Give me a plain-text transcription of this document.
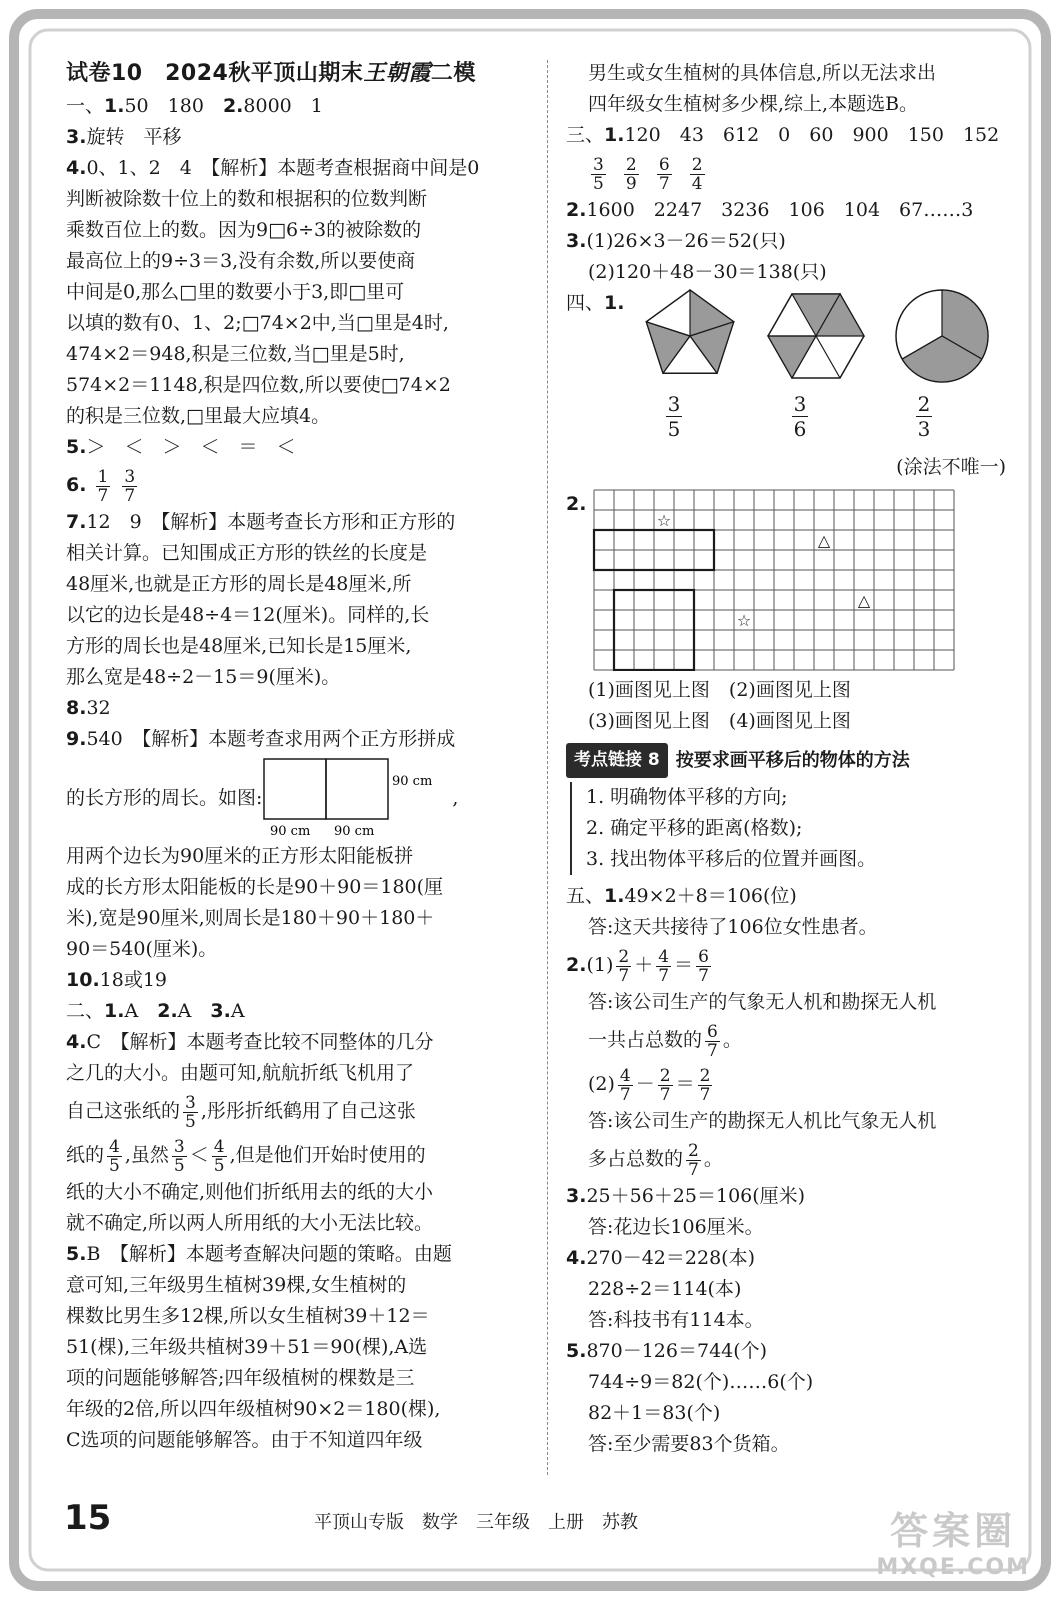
试卷10　2024秋平顶山期末王朝霞二模
一、1.50　180　 2.8000　1
3.旋转　平移
4.0、1、2　4　【解析】本题考查根据商中间是0
判断被除数十位上的数和根据积的位数判断
乘数百位上的数。因为9□6÷3的被除数的
最高位上的9÷3＝3,没有余数,所以要使商
中间是0,那么□里的数要小于3,即□里可
以填的数有0、1、2;□74×2中,当□里是4时,
474×2＝948,积是三位数,当□里是5时,
574×2＝1148,积是四位数,所以要使□74×2
的积是三位数,□里最大应填4。
5.＞　＜　＞　＜　＝　＜
6. $\frac{1}{7}$
$\frac{3}{7}$
7.12　9　【解析】本题考查长方形和正方形的
相关计算。已知围成正方形的铁丝的长度是
48厘米,也就是正方形的周长是48厘米,所
以它的边长是48÷4＝12(厘米)。同样的,长
方形的周长也是48厘米,已知长是15厘米,
那么宽是48÷2－15＝9(厘米)。
8.32
9.540　【解析】本题考查求用两个正方形拼成
的长方形的周长。如图:
90 cm
90 cm 90 cm
,
用两个边长为90厘米的正方形太阳能板拼
成的长方形太阳能板的长是90＋90＝180(厘
米),宽是90厘米,则周长是180＋90＋180＋
90＝540(厘米)。
10.18或19
二、1.A　 2.A　 3.A
4.C　【解析】本题考查比较不同整体的几分
之几的大小。由题可知,航航折纸飞机用了
自己这张纸的 $\frac{3}{5}$ ,彤彤折纸鹤用了自己这张
纸的 $\frac{4}{5}$ ,虽然 $\frac{3}{5} < \frac{4}{5}$ ,但是他们开始时使用的
纸的大小不确定,则他们折纸用去的纸的大小
就不确定,所以两人所用纸的大小无法比较。
5.B　【解析】本题考查解决问题的策略。由题
意可知,三年级男生植树39棵,女生植树的
棵数比男生多12棵,所以女生植树39＋12＝
51(棵),三年级共植树39＋51＝90(棵),A选
项的问题能够解答;四年级植树的棵数是三
年级的2倍,所以四年级植树90×2＝180(棵),
C选项的问题能够解答。由于不知道四年级
男生或女生植树的具体信息,所以无法求出
四年级女生植树多少棵,综上,本题选B。
三、1.120　43　612　0　60　900　150　152
$\frac{3}{5}$
$\frac{2}{9}$
$\frac{6}{7}$
$\frac{2}{4}$
2.1600　2247　3236　106　104　67……3
3.(1)26×3－26＝52(只)
(2)120＋48－30＝138(只)
四、1.
$\frac{3}{5}$	$\frac{3}{6}$	$\frac{2}{3}$
(涂法不唯一)
2.
☆
☆
△
△
(1)画图见上图　(2)画图见上图
(3)画图见上图　(4)画图见上图
考点链接 8 按要求画平移后的物体的方法
1. 明确物体平移的方向;
2. 确定平移的距离(格数);
3. 找出物体平移后的位置并画图。
五、1.49×2＋8＝106(位)
答:这天共接待了106位女性患者。
$2.(1) \frac{2}{7} + \frac{4}{7} = \frac{6}{7}$
答:该公司生产的气象无人机和勘探无人机
一共占总数的 $\frac{6}{7}$ 。
$(2) \frac{4}{7} - \frac{2}{7} = \frac{2}{7}$
答:该公司生产的勘探无人机比气象无人机
多占总数的 $\frac{2}{7}$ 。
3.25＋56＋25＝106(厘米)
答:花边长106厘米。
4.270－42＝228(本)
228÷2＝114(本)
答:科技书有114本。
5.870－126＝744(个)
744÷9＝82(个)……6(个)
82＋1＝83(个)
答:至少需要83个货箱。
15	平顶山专版　数学　三年级　上册　苏教	答案圈
MXQE.COM
